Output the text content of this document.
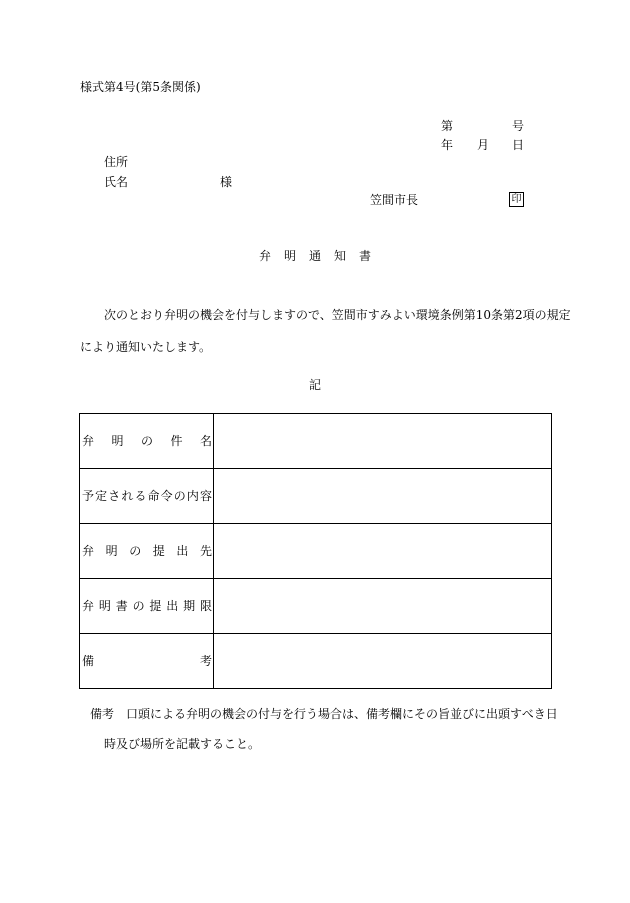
様式第4号(第5条関係)
第	号
年 月 日
住所
氏名	様
笠間市長	印
弁明通知書
次のとおり弁明の機会を付与しますので、笠間市すみよい環境条例第10条第2項の規定
により通知いたします。
記
弁明の件名	

予定される命令の内容	

弁明の提出先	

弁明書の提出期限	

備考	

備考 口頭による弁明の機会の付与を行う場合は、備考欄にその旨並びに出頭すべき日
時及び場所を記載すること。
